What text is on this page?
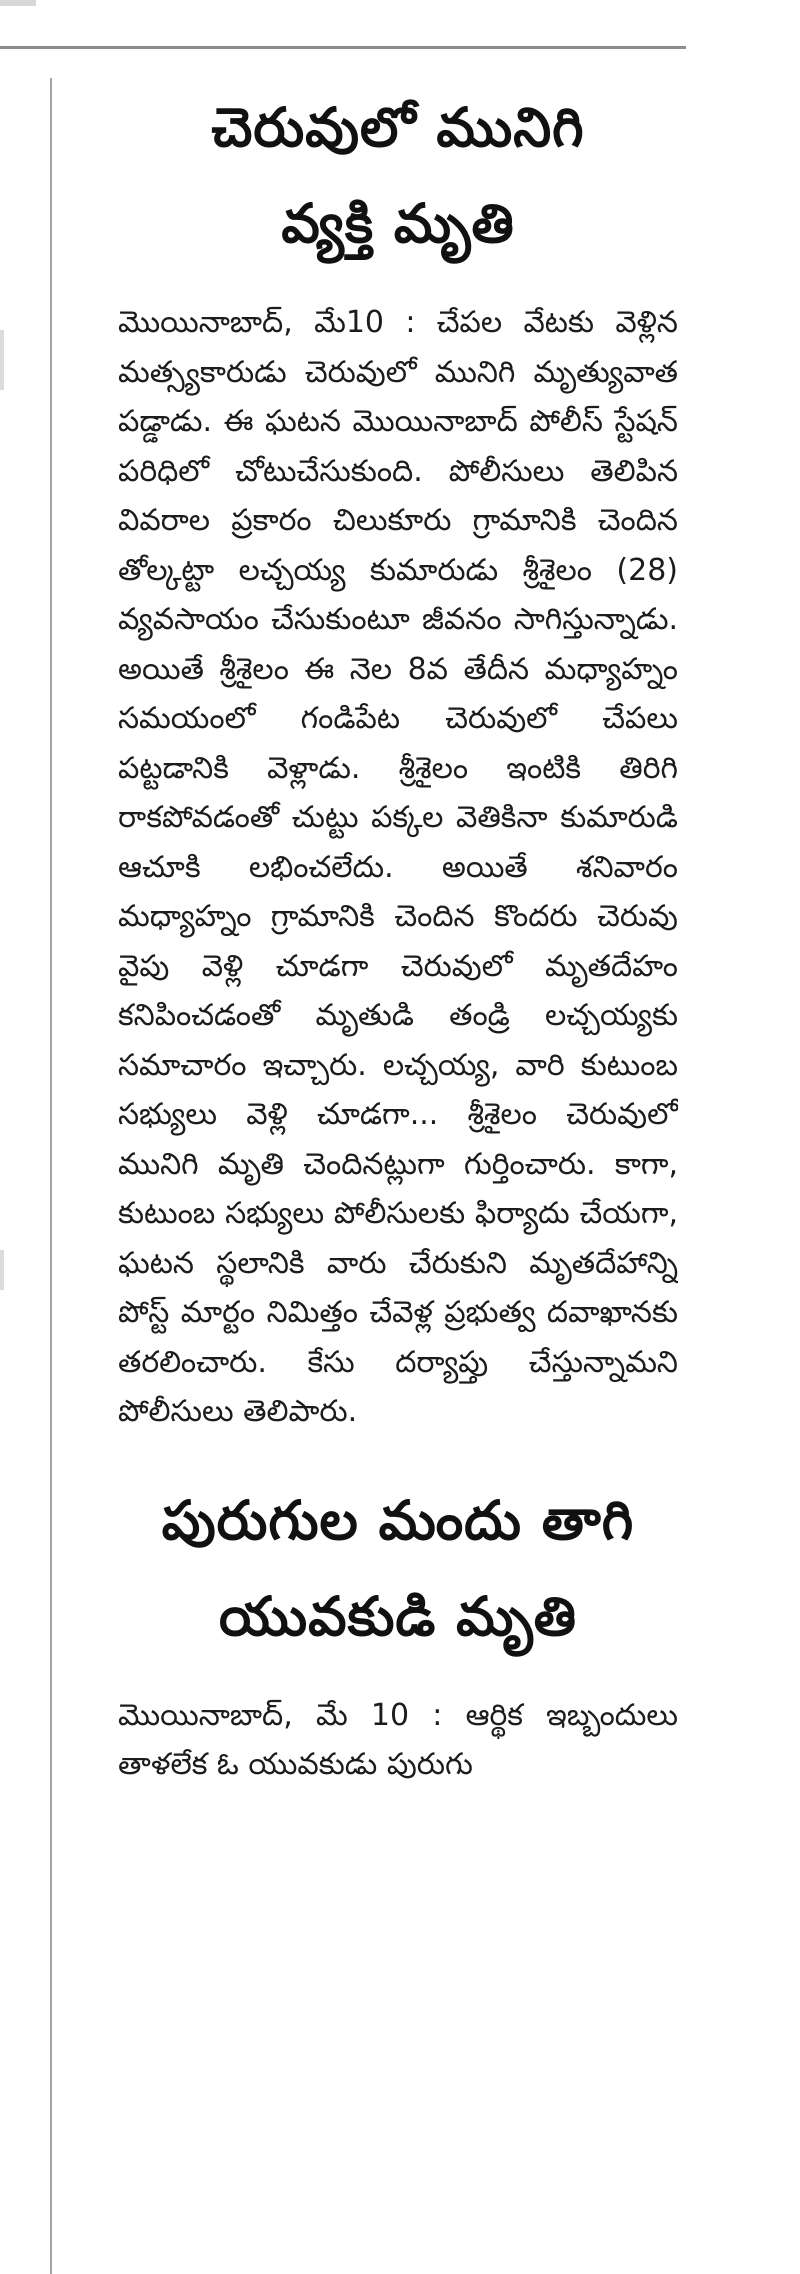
చెరువులో మునిగి
వ్యక్తి మృతి

మొయినాబాద్, మే10 : చేపల వేటకు వెళ్లిన మత్స్యకారుడు చెరువులో మునిగి మృత్యువాత పడ్డాడు. ఈ ఘటన మొయినాబాద్ పోలీస్ స్టేషన్ పరిధిలో చోటుచేసుకుంది. పోలీసులు తెలిపిన వివరాల ప్రకారం చిలుకూరు గ్రామానికి చెందిన తోల్కట్టా లచ్చయ్య కుమారుడు శ్రీశైలం (28) వ్యవసాయం చేసుకుంటూ జీవనం సాగిస్తున్నాడు. అయితే శ్రీశైలం ఈ నెల 8వ తేదీన మధ్యాహ్నం సమయంలో గండిపేట చెరువులో చేపలు పట్టడానికి వెళ్లాడు. శ్రీశైలం ఇంటికి తిరిగి రాకపోవడంతో చుట్టు పక్కల వెతికినా కుమారుడి ఆచూకి లభించలేదు. అయితే శనివారం మధ్యాహ్నం గ్రామానికి చెందిన కొందరు చెరువు వైపు వెళ్లి చూడగా చెరువులో మృతదేహం కనిపించడంతో మృతుడి తండ్రి లచ్చయ్యకు సమాచారం ఇచ్చారు. లచ్చయ్య, వారి కుటుంబ సభ్యులు వెళ్లి చూడగా... శ్రీశైలం చెరువులో మునిగి మృతి చెందినట్లుగా గుర్తించారు. కాగా, కుటుంబ సభ్యులు పోలీసులకు ఫిర్యాదు చేయగా, ఘటన స్థలానికి వారు చేరుకుని మృతదేహాన్ని పోస్ట్ మార్టం నిమిత్తం చేవెళ్ల ప్రభుత్వ దవాఖానకు తరలించారు. కేసు దర్యాప్తు చేస్తున్నామని పోలీసులు తెలిపారు.

పురుగుల మందు తాగి
యువకుడి మృతి

మొయినాబాద్, మే 10 : ఆర్థిక ఇబ్బందులు తాళలేక ఓ యువకుడు పురుగు
